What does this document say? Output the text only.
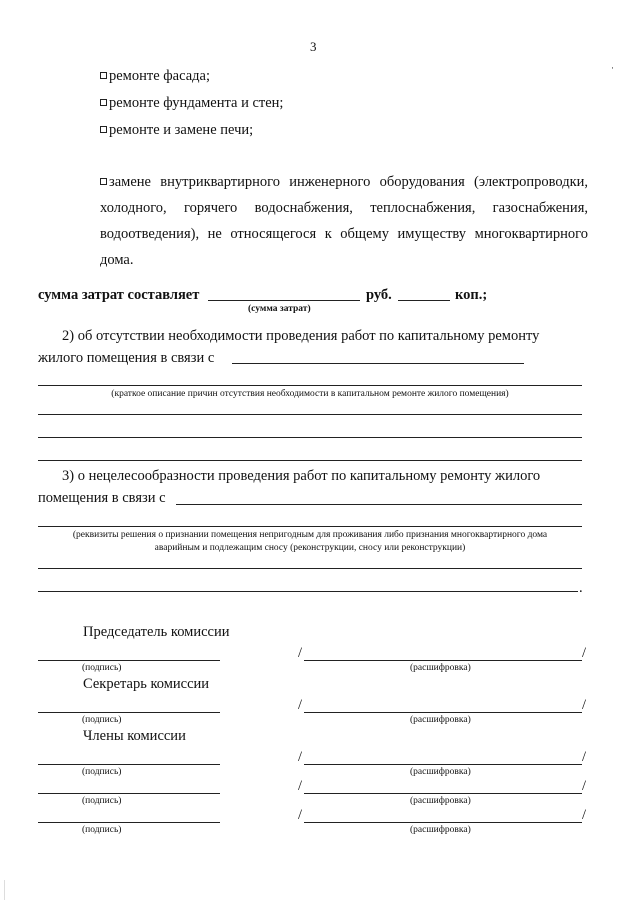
3
·
ремонте фасада;
ремонте фундамента и стен;
ремонте и замене печи;
замене внутриквартирного инженерного оборудования (электропроводки,
холодного, горячего водоснабжения, теплоснабжения, газоснабжения,
водоотведения), не относящегося к общему имуществу многоквартирного
дома.
сумма затрат составляет	руб.	коп.;
(сумма затрат)
2) об отсутствии необходимости проведения работ по капитальному ремонту
жилого помещения в связи с
(краткое описание причин отсутствия необходимости в капитальном ремонте жилого помещения)
3) о нецелесообразности проведения работ по капитальному ремонту жилого
помещения в связи с
(реквизиты решения о признании помещения непригодным для проживания либо признания многоквартирного дома
аварийным и подлежащим сносу (реконструкции, сносу или реконструкции)
.
Председатель комиссии
(подпись)
/	/
(расшифровка)
Секретарь комиссии
(подпись)
/	/
(расшифровка)
Члены комиссии
(подпись)
/	/
(расшифровка)
(подпись)
/	/
(расшифровка)
(подпись)
/	/
(расшифровка)
